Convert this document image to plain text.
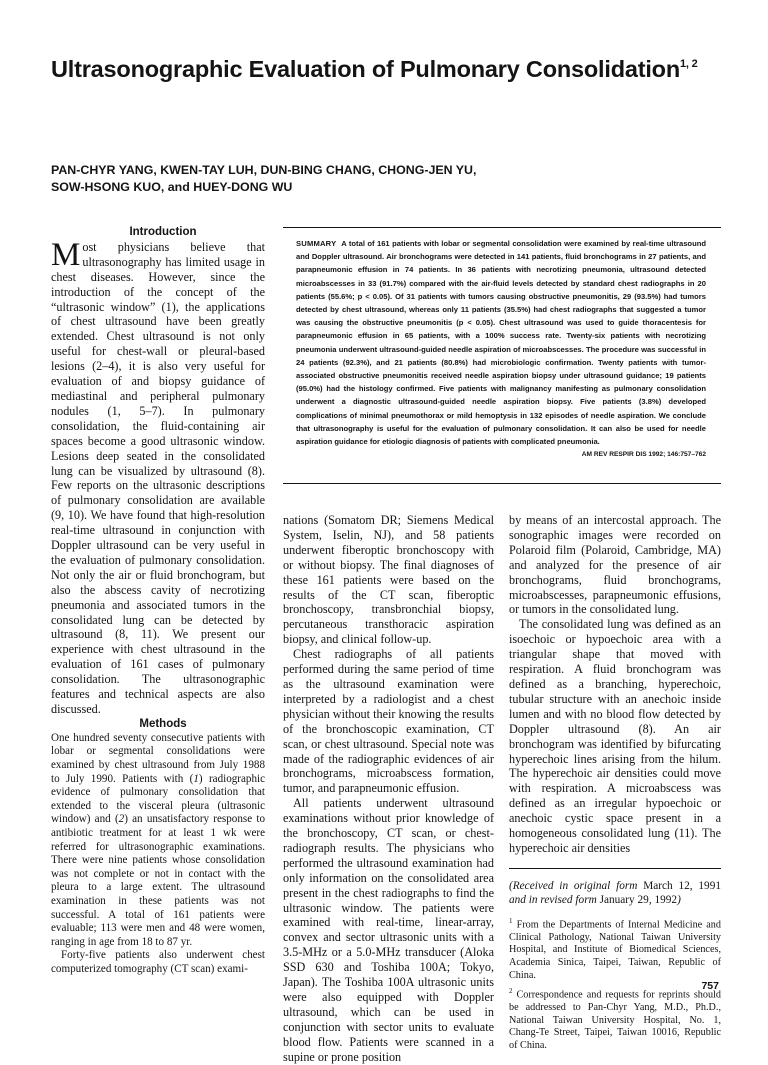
Ultrasonographic Evaluation of Pulmonary Consolidation$^{1, 2}$
PAN-CHYR YANG, KWEN-TAY LUH, DUN-BING CHANG, CHONG-JEN YU,
SOW-HSONG KUO, and HUEY-DONG WU

Introduction

Most physicians believe that ultrasonography has limited usage in chest diseases. However, since the introduction of the concept of the “ultrasonic window” (1), the applications of chest ultrasound have been greatly extended. Chest ultrasound is not only useful for chest-wall or pleural-based lesions (2–4), it is also very useful for evaluation of and biopsy guidance of mediastinal and peripheral pulmonary nodules (1, 5–7). In pulmonary consolidation, the fluid-containing air spaces become a good ultrasonic window. Lesions deep seated in the consolidated lung can be visualized by ultrasound (8). Few reports on the ultrasonic descriptions of pulmonary consolidation are available (9, 10). We have found that high-resolution real-time ultrasound in conjunction with Doppler ultrasound can be very useful in the evaluation of pulmonary consolidation. Not only the air or fluid bronchogram, but also the abscess cavity of necrotizing pneumonia and associated tumors in the consolidated lung can be detected by ultrasound (8, 11). We present our experience with chest ultrasound in the evaluation of 161 cases of pulmonary consolidation. The ultrasonographic features and technical aspects are also discussed.

Methods

One hundred seventy consecutive patients with lobar or segmental consolidations were examined by chest ultrasound from July 1988 to July 1990. Patients with (1) radiographic evidence of pulmonary consolidation that extended to the visceral pleura (ultrasonic window) and (2) an unsatisfactory response to antibiotic treatment for at least 1 wk were referred for ultrasonographic examinations. There were nine patients whose consolidation was not complete or not in contact with the pleura to a large extent. The ultrasound examination in these patients was not successful. A total of 161 patients were evaluable; 113 were men and 48 were women, ranging in age from 18 to 87 yr.

Forty-five patients also underwent chest computerized tomography (CT scan) exami-

SUMMARY A total of 161 patients with lobar or segmental consolidation were examined by real-time ultrasound and Doppler ultrasound. Air bronchograms were detected in 141 patients, fluid bronchograms in 27 patients, and parapneumonic effusion in 74 patients. In 36 patients with necrotizing pneumonia, ultrasound detected microabscesses in 33 (91.7%) compared with the air-fluid levels detected by standard chest radiographs in 20 patients (55.6%; p < 0.05). Of 31 patients with tumors causing obstructive pneumonitis, 29 (93.5%) had tumors detected by chest ultrasound, whereas only 11 patients (35.5%) had chest radiographs that suggested a tumor was causing the obstructive pneumonitis (p < 0.05). Chest ultrasound was used to guide thoracentesis for parapneumonic effusion in 65 patients, with a 100% success rate. Twenty-six patients with necrotizing pneumonia underwent ultrasound-guided needle aspiration of microabscesses. The procedure was successful in 24 patients (92.3%), and 21 patients (80.8%) had microbiologic confirmation. Twenty patients with tumor-associated obstructive pneumonitis received needle aspiration biopsy under ultrasound guidance; 19 patients (95.0%) had the histology confirmed. Five patients with malignancy manifesting as pulmonary consolidation underwent a diagnostic ultrasound-guided needle aspiration biopsy. Five patients (3.8%) developed complications of minimal pneumothorax or mild hemoptysis in 132 episodes of needle aspiration. We conclude that ultrasonography is useful for the evaluation of pulmonary consolidation. It can also be used for needle aspiration guidance for etiologic diagnosis of patients with complicated pneumonia.
AM REV RESPIR DIS 1992; 146:757–762

nations (Somatom DR; Siemens Medical System, Iselin, NJ), and 58 patients underwent fiberoptic bronchoscopy with or without biopsy. The final diagnoses of these 161 patients were based on the results of the CT scan, fiberoptic bronchoscopy, transbronchial biopsy, percutaneous transthoracic aspiration biopsy, and clinical follow-up.

Chest radiographs of all patients performed during the same period of time as the ultrasound examination were interpreted by a radiologist and a chest physician without their knowing the results of the bronchoscopic examination, CT scan, or chest ultrasound. Special note was made of the radiographic evidences of air bronchograms, microabscess formation, tumor, and parapneumonic effusion.

All patients underwent ultrasound examinations without prior knowledge of the bronchoscopy, CT scan, or chest-radiograph results. The physicians who performed the ultrasound examination had only information on the consolidated area present in the chest radiographs to find the ultrasonic window. The patients were examined with real-time, linear-array, convex and sector ultrasonic units with a 3.5-MHz or a 5.0-MHz transducer (Aloka SSD 630 and Toshiba 100A; Tokyo, Japan). The Toshiba 100A ultrasonic units were also equipped with Doppler ultrasound, which can be used in conjunction with sector units to evaluate blood flow. Patients were scanned in a supine or prone position

by means of an intercostal approach. The sonographic images were recorded on Polaroid film (Polaroid, Cambridge, MA) and analyzed for the presence of air bronchograms, fluid bronchograms, microabscesses, parapneumonic effusions, or tumors in the consolidated lung.

The consolidated lung was defined as an isoechoic or hypoechoic area with a triangular shape that moved with respiration. A fluid bronchogram was defined as a branching, hyperechoic, tubular structure with an anechoic inside lumen and with no blood flow detected by Doppler ultrasound (8). An air bronchogram was identified by bifurcating hyperechoic lines arising from the hilum. The hyperechoic air densities could move with respiration. A microabscess was defined as an irregular hypoechoic or anechoic cystic space present in a homogeneous consolidated lung (11). The hyperechoic air densities

(Received in original form March 12, 1991 and in revised form January 29, 1992)
$^1$ From the Departments of Internal Medicine and Clinical Pathology, National Taiwan University Hospital, and Institute of Biomedical Sciences, Academia Sinica, Taipei, Taiwan, Republic of China.
$^2$ Correspondence and requests for reprints should be addressed to Pan-Chyr Yang, M.D., Ph.D., National Taiwan University Hospital, No. 1, Chang-Te Street, Taipei, Taiwan 10016, Republic of China.
757
